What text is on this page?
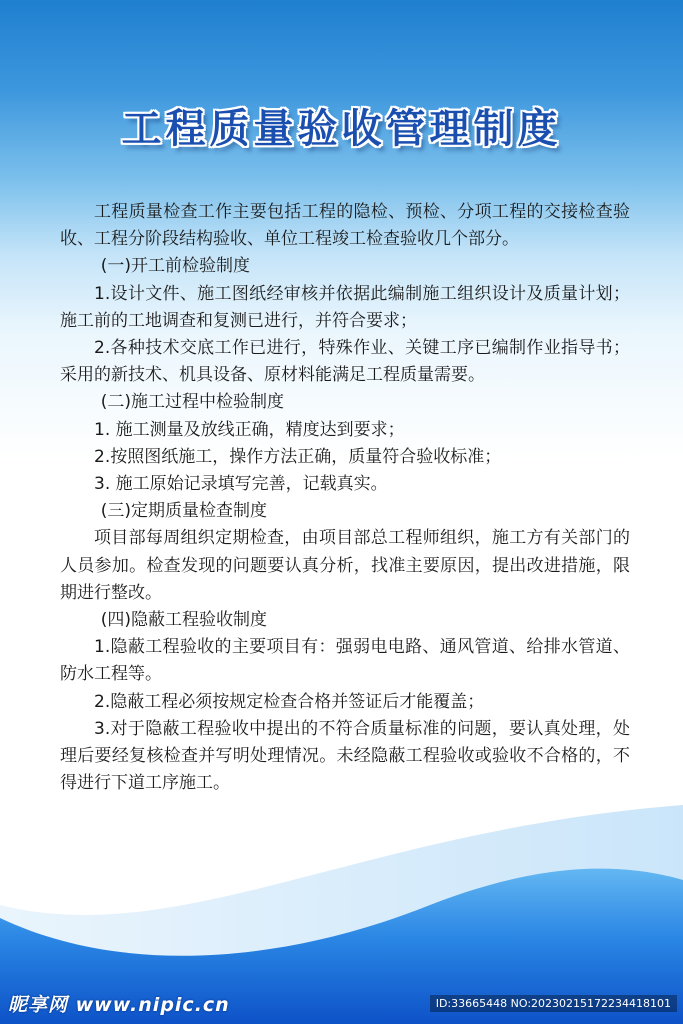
工程质量验收管理制度

工程质量检查工作主要包括工程的隐检、预检、分项工程的交接检查验收、工程分阶段结构验收、单位工程竣工检查验收几个部分。

(一)开工前检验制度

1.设计文件、施工图纸经审核并依据此编制施工组织设计及质量计划；施工前的工地调查和复测已进行，并符合要求；

2.各种技术交底工作已进行，特殊作业、关键工序已编制作业指导书；采用的新技术、机具设备、原材料能满足工程质量需要。

(二)施工过程中检验制度

1. 施工测量及放线正确，精度达到要求；

2.按照图纸施工，操作方法正确，质量符合验收标准；

3. 施工原始记录填写完善，记载真实。

(三)定期质量检查制度

项目部每周组织定期检查，由项目部总工程师组织，施工方有关部门的人员参加。检查发现的问题要认真分析，找准主要原因，提出改进措施，限期进行整改。

(四)隐蔽工程验收制度

1.隐蔽工程验收的主要项目有：强弱电电路、通风管道、给排水管道、防水工程等。

2.隐蔽工程必须按规定检查合格并签证后才能覆盖；

3.对于隐蔽工程验收中提出的不符合质量标准的问题，要认真处理，处理后要经复核检查并写明处理情况。未经隐蔽工程验收或验收不合格的，不得进行下道工序施工。

昵享网 www.nipic.cn	ID:33665448 NO:20230215172234418101
